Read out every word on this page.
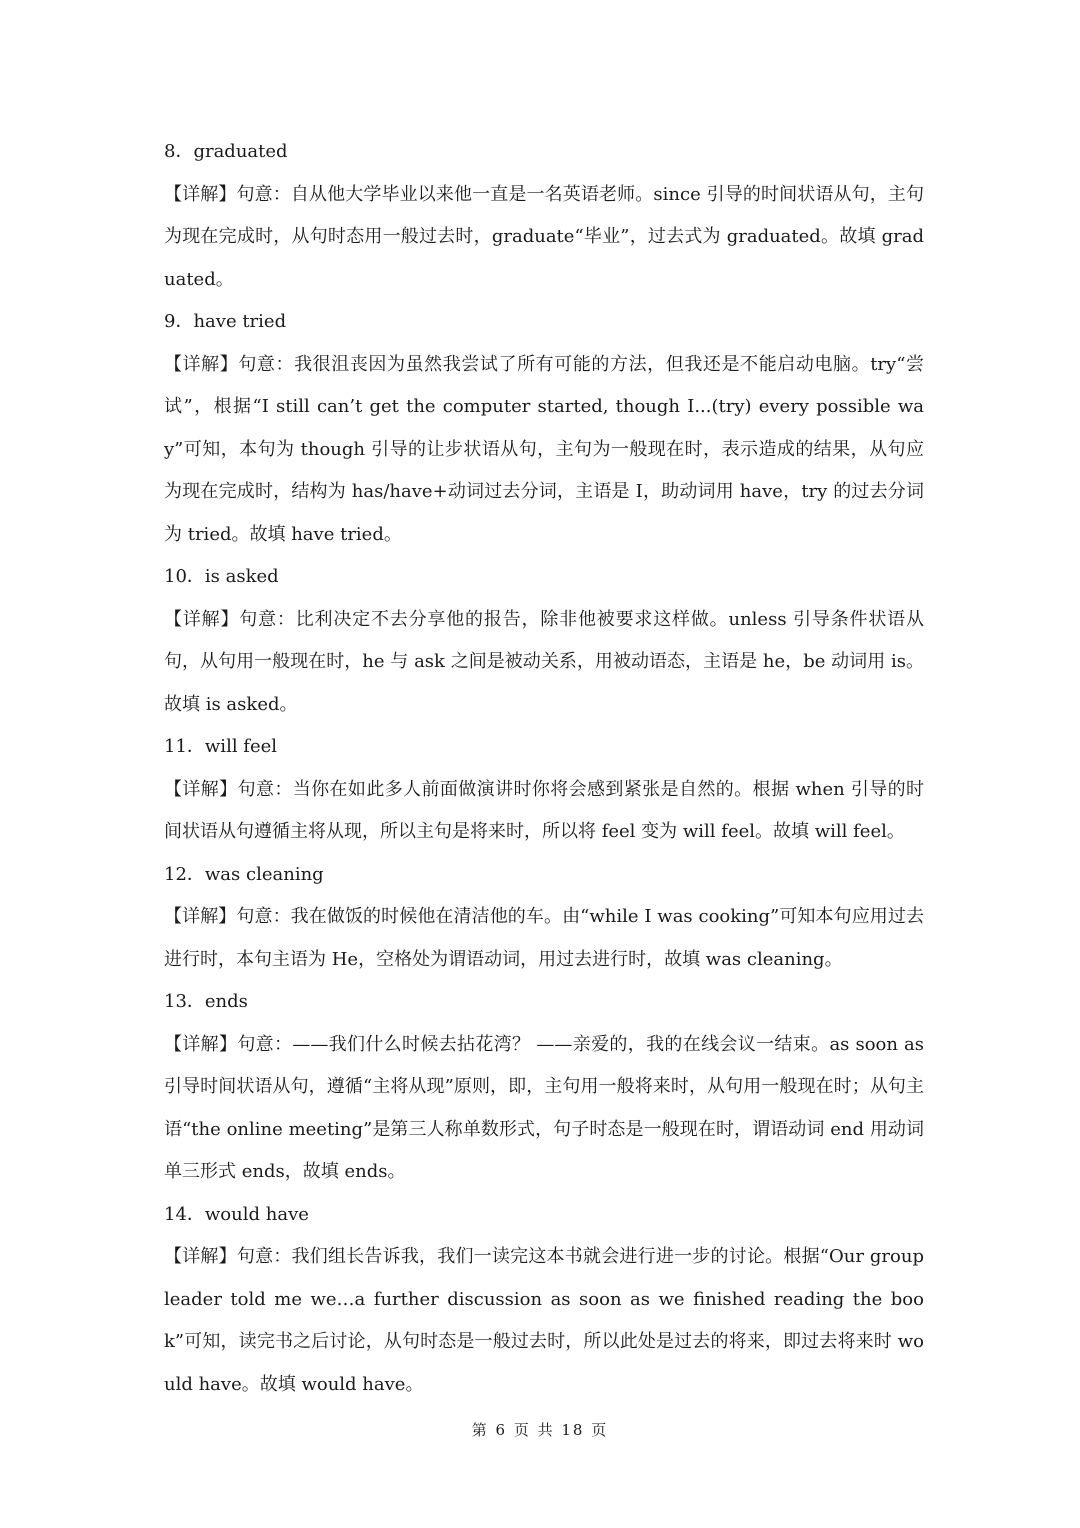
8．graduated

【详解】句意：自从他大学毕业以来他一直是一名英语老师。since 引导的时间状语从句，主句为现在完成时，从句时态用一般过去时，graduate“毕业”，过去式为 graduated。故填 graduated。

9．have tried

【详解】句意：我很沮丧因为虽然我尝试了所有可能的方法，但我还是不能启动电脑。try“尝试”，根据“I still can’t get the computer started, though I...(try) every possible way”可知，本句为 though 引导的让步状语从句，主句为一般现在时，表示造成的结果，从句应为现在完成时，结构为 has/have+动词过去分词，主语是 I，助动词用 have，try 的过去分词为 tried。故填 have tried。

10．is asked

【详解】句意：比利决定不去分享他的报告，除非他被要求这样做。unless 引导条件状语从句，从句用一般现在时，he 与 ask 之间是被动关系，用被动语态，主语是 he，be 动词用 is。故填 is asked。

11．will feel

【详解】句意：当你在如此多人前面做演讲时你将会感到紧张是自然的。根据 when 引导的时间状语从句遵循主将从现，所以主句是将来时，所以将 feel 变为 will feel。故填 will feel。

12．was cleaning

【详解】句意：我在做饭的时候他在清洁他的车。由“while I was cooking”可知本句应用过去进行时，本句主语为 He，空格处为谓语动词，用过去进行时，故填 was cleaning。

13．ends

【详解】句意：——我们什么时候去拈花湾？ ——亲爱的，我的在线会议一结束。as soon as 引导时间状语从句，遵循“主将从现”原则，即，主句用一般将来时，从句用一般现在时；从句主语“the online meeting”是第三人称单数形式，句子时态是一般现在时，谓语动词 end 用动词单三形式 ends，故填 ends。

14．would have

【详解】句意：我们组长告诉我，我们一读完这本书就会进行进一步的讨论。根据“Our group leader told me we…a further discussion as soon as we finished reading the book”可知，读完书之后讨论，从句时态是一般过去时，所以此处是过去的将来，即过去将来时 would have。故填 would have。

第 6 页 共 18 页
